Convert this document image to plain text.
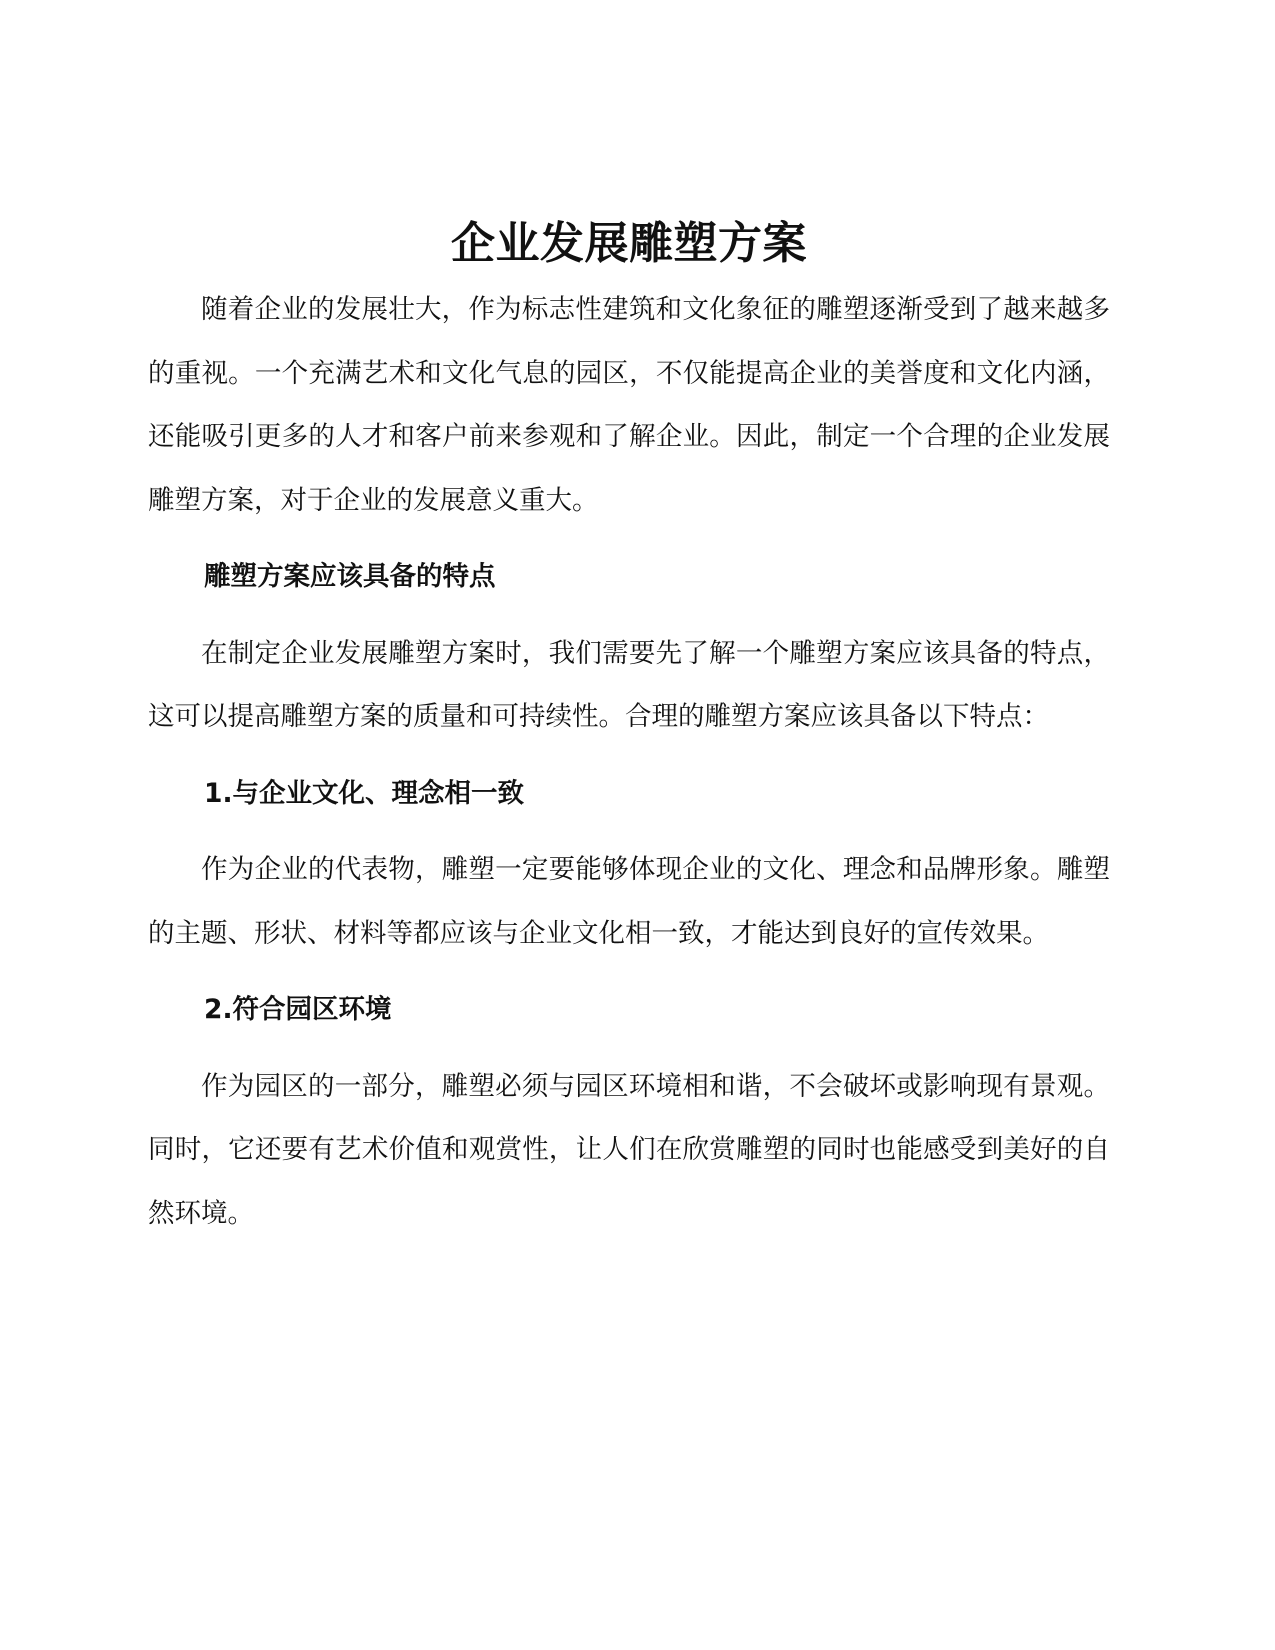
企业发展雕塑方案

随着企业的发展壮大，作为标志性建筑和文化象征的雕塑逐渐受到了越来越多的重视。一个充满艺术和文化气息的园区，不仅能提高企业的美誉度和文化内涵，还能吸引更多的人才和客户前来参观和了解企业。因此，制定一个合理的企业发展雕塑方案，对于企业的发展意义重大。

雕塑方案应该具备的特点

在制定企业发展雕塑方案时，我们需要先了解一个雕塑方案应该具备的特点，这可以提高雕塑方案的质量和可持续性。合理的雕塑方案应该具备以下特点：

1.与企业文化、理念相一致

作为企业的代表物，雕塑一定要能够体现企业的文化、理念和品牌形象。雕塑的主题、形状、材料等都应该与企业文化相一致，才能达到良好的宣传效果。

2.符合园区环境

作为园区的一部分，雕塑必须与园区环境相和谐，不会破坏或影响现有景观。同时，它还要有艺术价值和观赏性，让人们在欣赏雕塑的同时也能感受到美好的自然环境。
